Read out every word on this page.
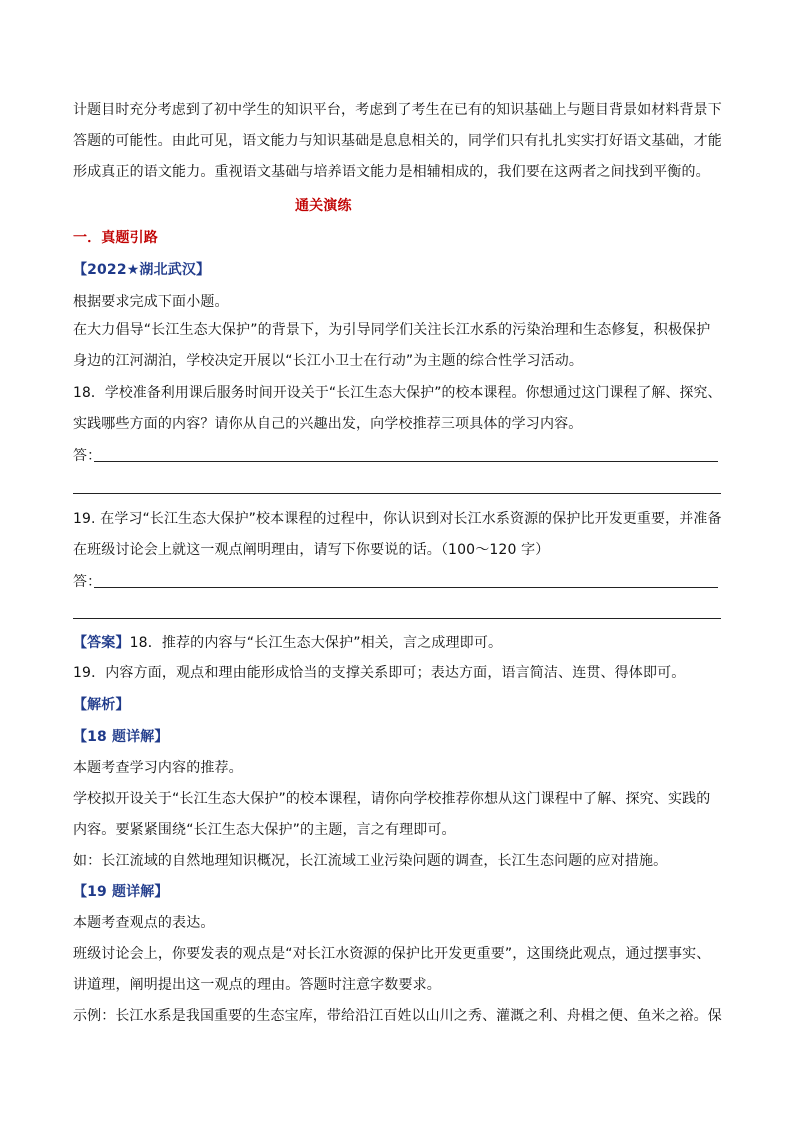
计题目时充分考虑到了初中学生的知识平台，考虑到了考生在已有的知识基础上与题目背景如材料背景下
答题的可能性。由此可见，语文能力与知识基础是息息相关的，同学们只有扎扎实实打好语文基础，才能
形成真正的语文能力。重视语文基础与培养语文能力是相辅相成的，我们要在这两者之间找到平衡的。
通关演练
一．真题引路
【2022★湖北武汉】
根据要求完成下面小题。
在大力倡导“长江生态大保护”的背景下，为引导同学们关注长江水系的污染治理和生态修复，积极保护
身边的江河湖泊，学校决定开展以“长江小卫士在行动”为主题的综合性学习活动。
18．学校准备利用课后服务时间开设关于“长江生态大保护”的校本课程。你想通过这门课程了解、探究、
实践哪些方面的内容？请你从自己的兴趣出发，向学校推荐三项具体的学习内容。
答：
19. 在学习“长江生态大保护”校本课程的过程中，你认识到对长江水系资源的保护比开发更重要，并准备
在班级讨论会上就这一观点阐明理由，请写下你要说的话。（100～120 字）
答：
【答案】18．推荐的内容与“长江生态大保护”相关，言之成理即可。
19．内容方面，观点和理由能形成恰当的支撑关系即可；表达方面，语言简洁、连贯、得体即可。
【解析】
【18 题详解】
本题考查学习内容的推荐。
学校拟开设关于“长江生态大保护”的校本课程，请你向学校推荐你想从这门课程中了解、探究、实践的
内容。要紧紧围绕“长江生态大保护”的主题，言之有理即可。
如：长江流域的自然地理知识概况，长江流域工业污染问题的调查，长江生态问题的应对措施。
【19 题详解】
本题考查观点的表达。
班级讨论会上，你要发表的观点是“对长江水资源的保护比开发更重要”，这围绕此观点，通过摆事实、
讲道理，阐明提出这一观点的理由。答题时注意字数要求。
示例：长江水系是我国重要的生态宝库，带给沿江百姓以山川之秀、灌溉之利、舟楫之便、鱼米之裕。保
